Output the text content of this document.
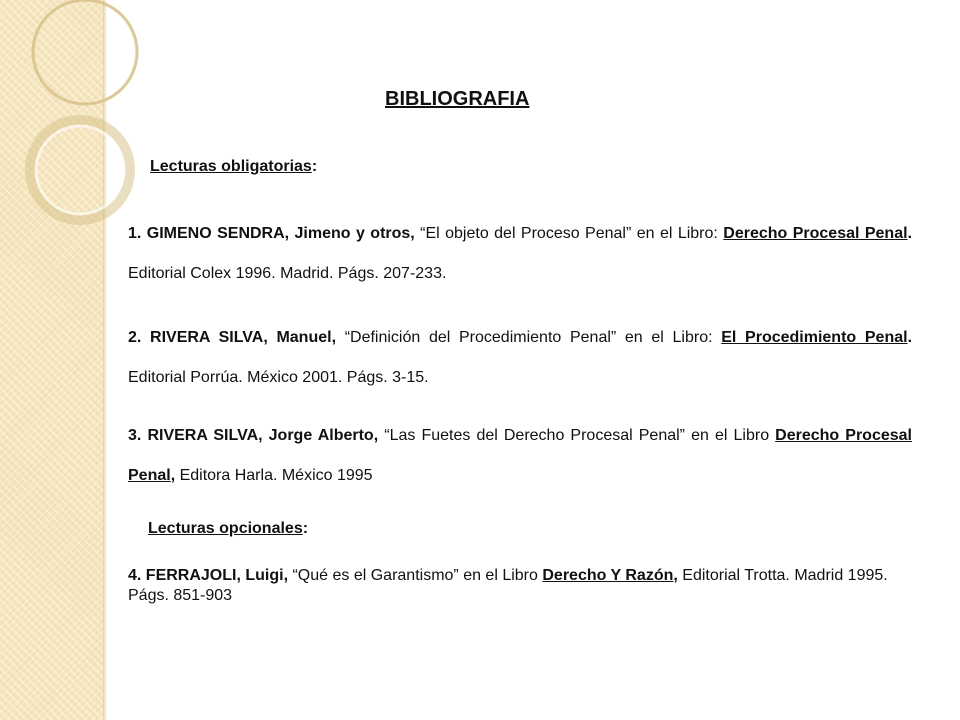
BIBLIOGRAFIA

Lecturas obligatorias:

1. GIMENO SENDRA, Jimeno y otros, “El objeto del Proceso Penal” en el Libro: Derecho Procesal Penal. Editorial Colex 1996. Madrid. Págs. 207-233.

2. RIVERA SILVA, Manuel, “Definición del Procedimiento Penal” en el Libro: El Procedimiento Penal. Editorial Porrúa. México 2001. Págs. 3-15.

3. RIVERA SILVA, Jorge Alberto, “Las Fuetes del Derecho Procesal Penal” en el Libro Derecho Procesal Penal, Editora Harla. México 1995

Lecturas opcionales:

4. FERRAJOLI, Luigi, “Qué es el Garantismo” en el Libro Derecho Y Razón, Editorial Trotta. Madrid 1995. Págs. 851-903
